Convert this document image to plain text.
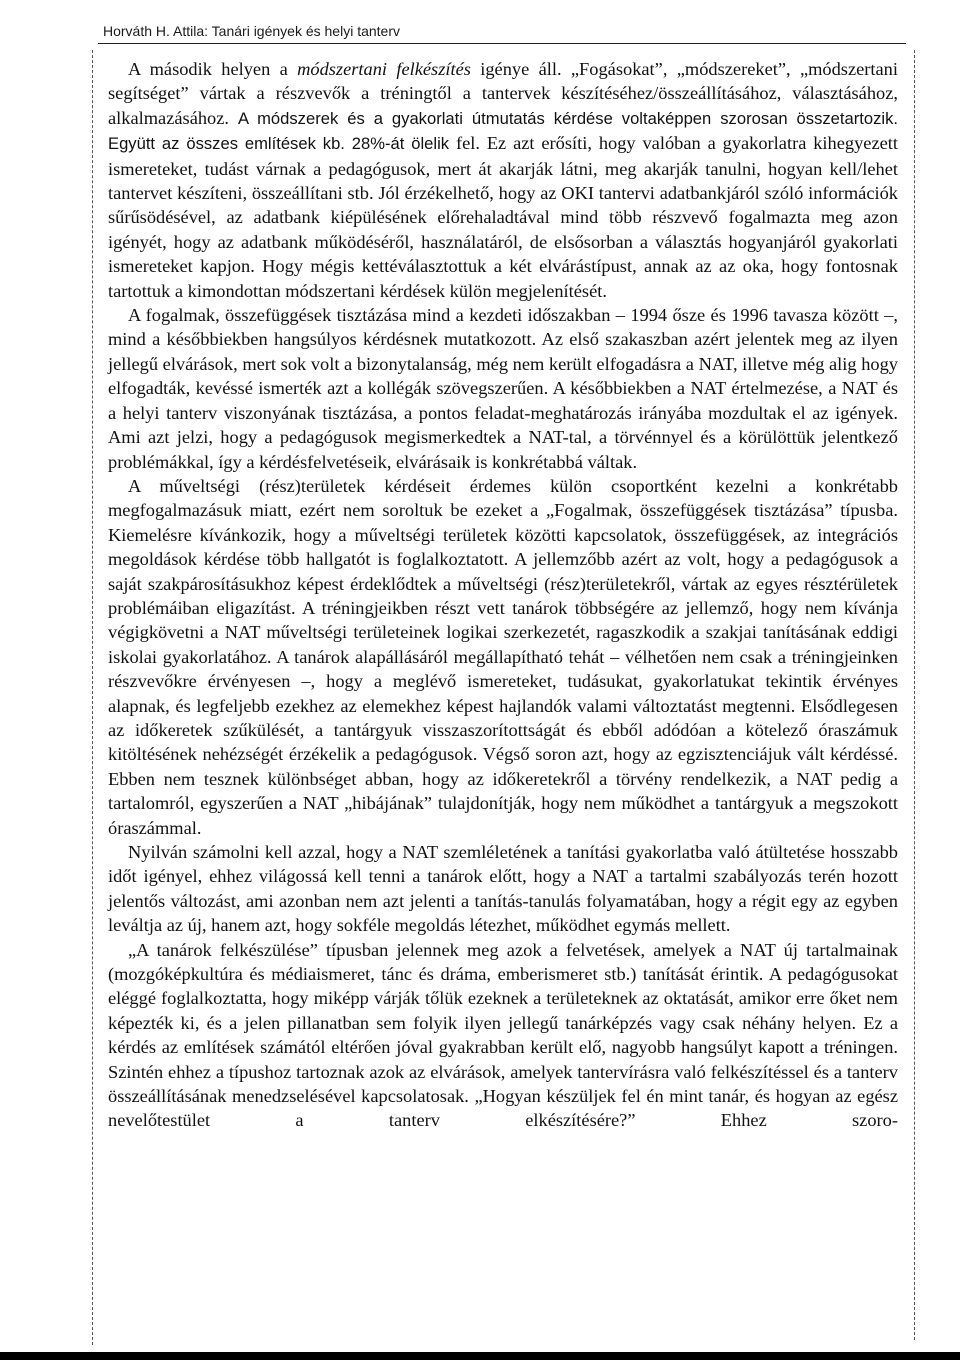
Horváth H. Attila: Tanári igények és helyi tanterv

A második helyen a módszertani felkészítés igénye áll. „Fogásokat”, „módszereket”, „módszertani segítséget” vártak a részvevők a tréningtől a tantervek készítéséhez/összeállításához, választásához, alkalmazásához. A módszerek és a gyakorlati útmutatás kérdése voltaképpen szorosan összetartozik. Együtt az összes említések kb. 28%-át ölelik fel. Ez azt erősíti, hogy valóban a gyakorlatra kihegyezett ismereteket, tudást várnak a pedagógusok, mert át akarják látni, meg akarják tanulni, hogyan kell/lehet tantervet készíteni, összeállítani stb. Jól érzékelhető, hogy az OKI tantervi adatbankjáról szóló információk sűrűsödésével, az adatbank kiépülésének előrehaladtával mind több részvevő fogalmazta meg azon igényét, hogy az adatbank működéséről, használatáról, de elsősorban a választás hogyanjáról gyakorlati ismereteket kapjon. Hogy mégis kettéválasztottuk a két elvárástípust, annak az az oka, hogy fontosnak tartottuk a kimondottan módszertani kérdések külön megjelenítését.

A fogalmak, összefüggések tisztázása mind a kezdeti időszakban – 1994 ősze és 1996 tavasza között –, mind a későbbiekben hangsúlyos kérdésnek mutatkozott. Az első szakaszban azért jelentek meg az ilyen jellegű elvárások, mert sok volt a bizonytalanság, még nem került elfogadásra a NAT, illetve még alig hogy elfogadták, kevéssé ismerték azt a kollégák szövegszerűen. A későbbiekben a NAT értelmezése, a NAT és a helyi tanterv viszonyának tisztázása, a pontos feladat-meghatározás irányába mozdultak el az igények. Ami azt jelzi, hogy a pedagógusok megismerkedtek a NAT-tal, a törvénnyel és a körülöttük jelentkező problémákkal, így a kérdésfelvetéseik, elvárásaik is konkrétabbá váltak.

A műveltségi (rész)területek kérdéseit érdemes külön csoportként kezelni a konkrétabb megfogalmazásuk miatt, ezért nem soroltuk be ezeket a „Fogalmak, összefüggések tisztázása” típusba. Kiemelésre kívánkozik, hogy a műveltségi területek közötti kapcsolatok, összefüggések, az integrációs megoldások kérdése több hallgatót is foglalkoztatott. A jellemzőbb azért az volt, hogy a pedagógusok a saját szakpárosításukhoz képest érdeklődtek a műveltségi (rész)területekről, vártak az egyes résztérületek problémáiban eligazítást. A tréningjeikben részt vett tanárok többségére az jellemző, hogy nem kívánja végigkövetni a NAT műveltségi területeinek logikai szerkezetét, ragaszkodik a szakjai tanításának eddigi iskolai gyakorlatához. A tanárok alapállásáról megállapítható tehát – vélhetően nem csak a tréningjeinken részvevőkre érvényesen –, hogy a meglévő ismereteket, tudásukat, gyakorlatukat tekintik érvényes alapnak, és legfeljebb ezekhez az elemekhez képest hajlandók valami változtatást megtenni. Elsődlegesen az időkeretek szűkülését, a tantárgyuk visszaszorítottságát és ebből adódóan a kötelező óraszámuk kitöltésének nehézségét érzékelik a pedagógusok. Végső soron azt, hogy az egzisztenciájuk vált kérdéssé. Ebben nem tesznek különbséget abban, hogy az időkeretekről a törvény rendelkezik, a NAT pedig a tartalomról, egyszerűen a NAT „hibájának” tulajdonítják, hogy nem működhet a tantárgyuk a megszokott óraszámmal.

Nyilván számolni kell azzal, hogy a NAT szemléletének a tanítási gyakorlatba való átültetése hosszabb időt igényel, ehhez világossá kell tenni a tanárok előtt, hogy a NAT a tartalmi szabályozás terén hozott jelentős változást, ami azonban nem azt jelenti a tanítás-tanulás folyamatában, hogy a régit egy az egyben leváltja az új, hanem azt, hogy sokféle megoldás létezhet, működhet egymás mellett.

„A tanárok felkészülése” típusban jelennek meg azok a felvetések, amelyek a NAT új tartalmainak (mozgóképkultúra és médiaismeret, tánc és dráma, emberismeret stb.) tanítását érintik. A pedagógusokat eléggé foglalkoztatta, hogy miképp várják tőlük ezeknek a területeknek az oktatását, amikor erre őket nem képezték ki, és a jelen pillanatban sem folyik ilyen jellegű tanárképzés vagy csak néhány helyen. Ez a kérdés az említések számától eltérően jóval gyakrabban került elő, nagyobb hangsúlyt kapott a tréningen. Szintén ehhez a típushoz tartoznak azok az elvárások, amelyek tantervírásra való felkészítéssel és a tanterv összeállításának menedzselésével kapcsolatosak. „Hogyan készüljek fel én mint tanár, és hogyan az egész nevelőtestület a tanterv elkészítésére?” Ehhez szoro-
